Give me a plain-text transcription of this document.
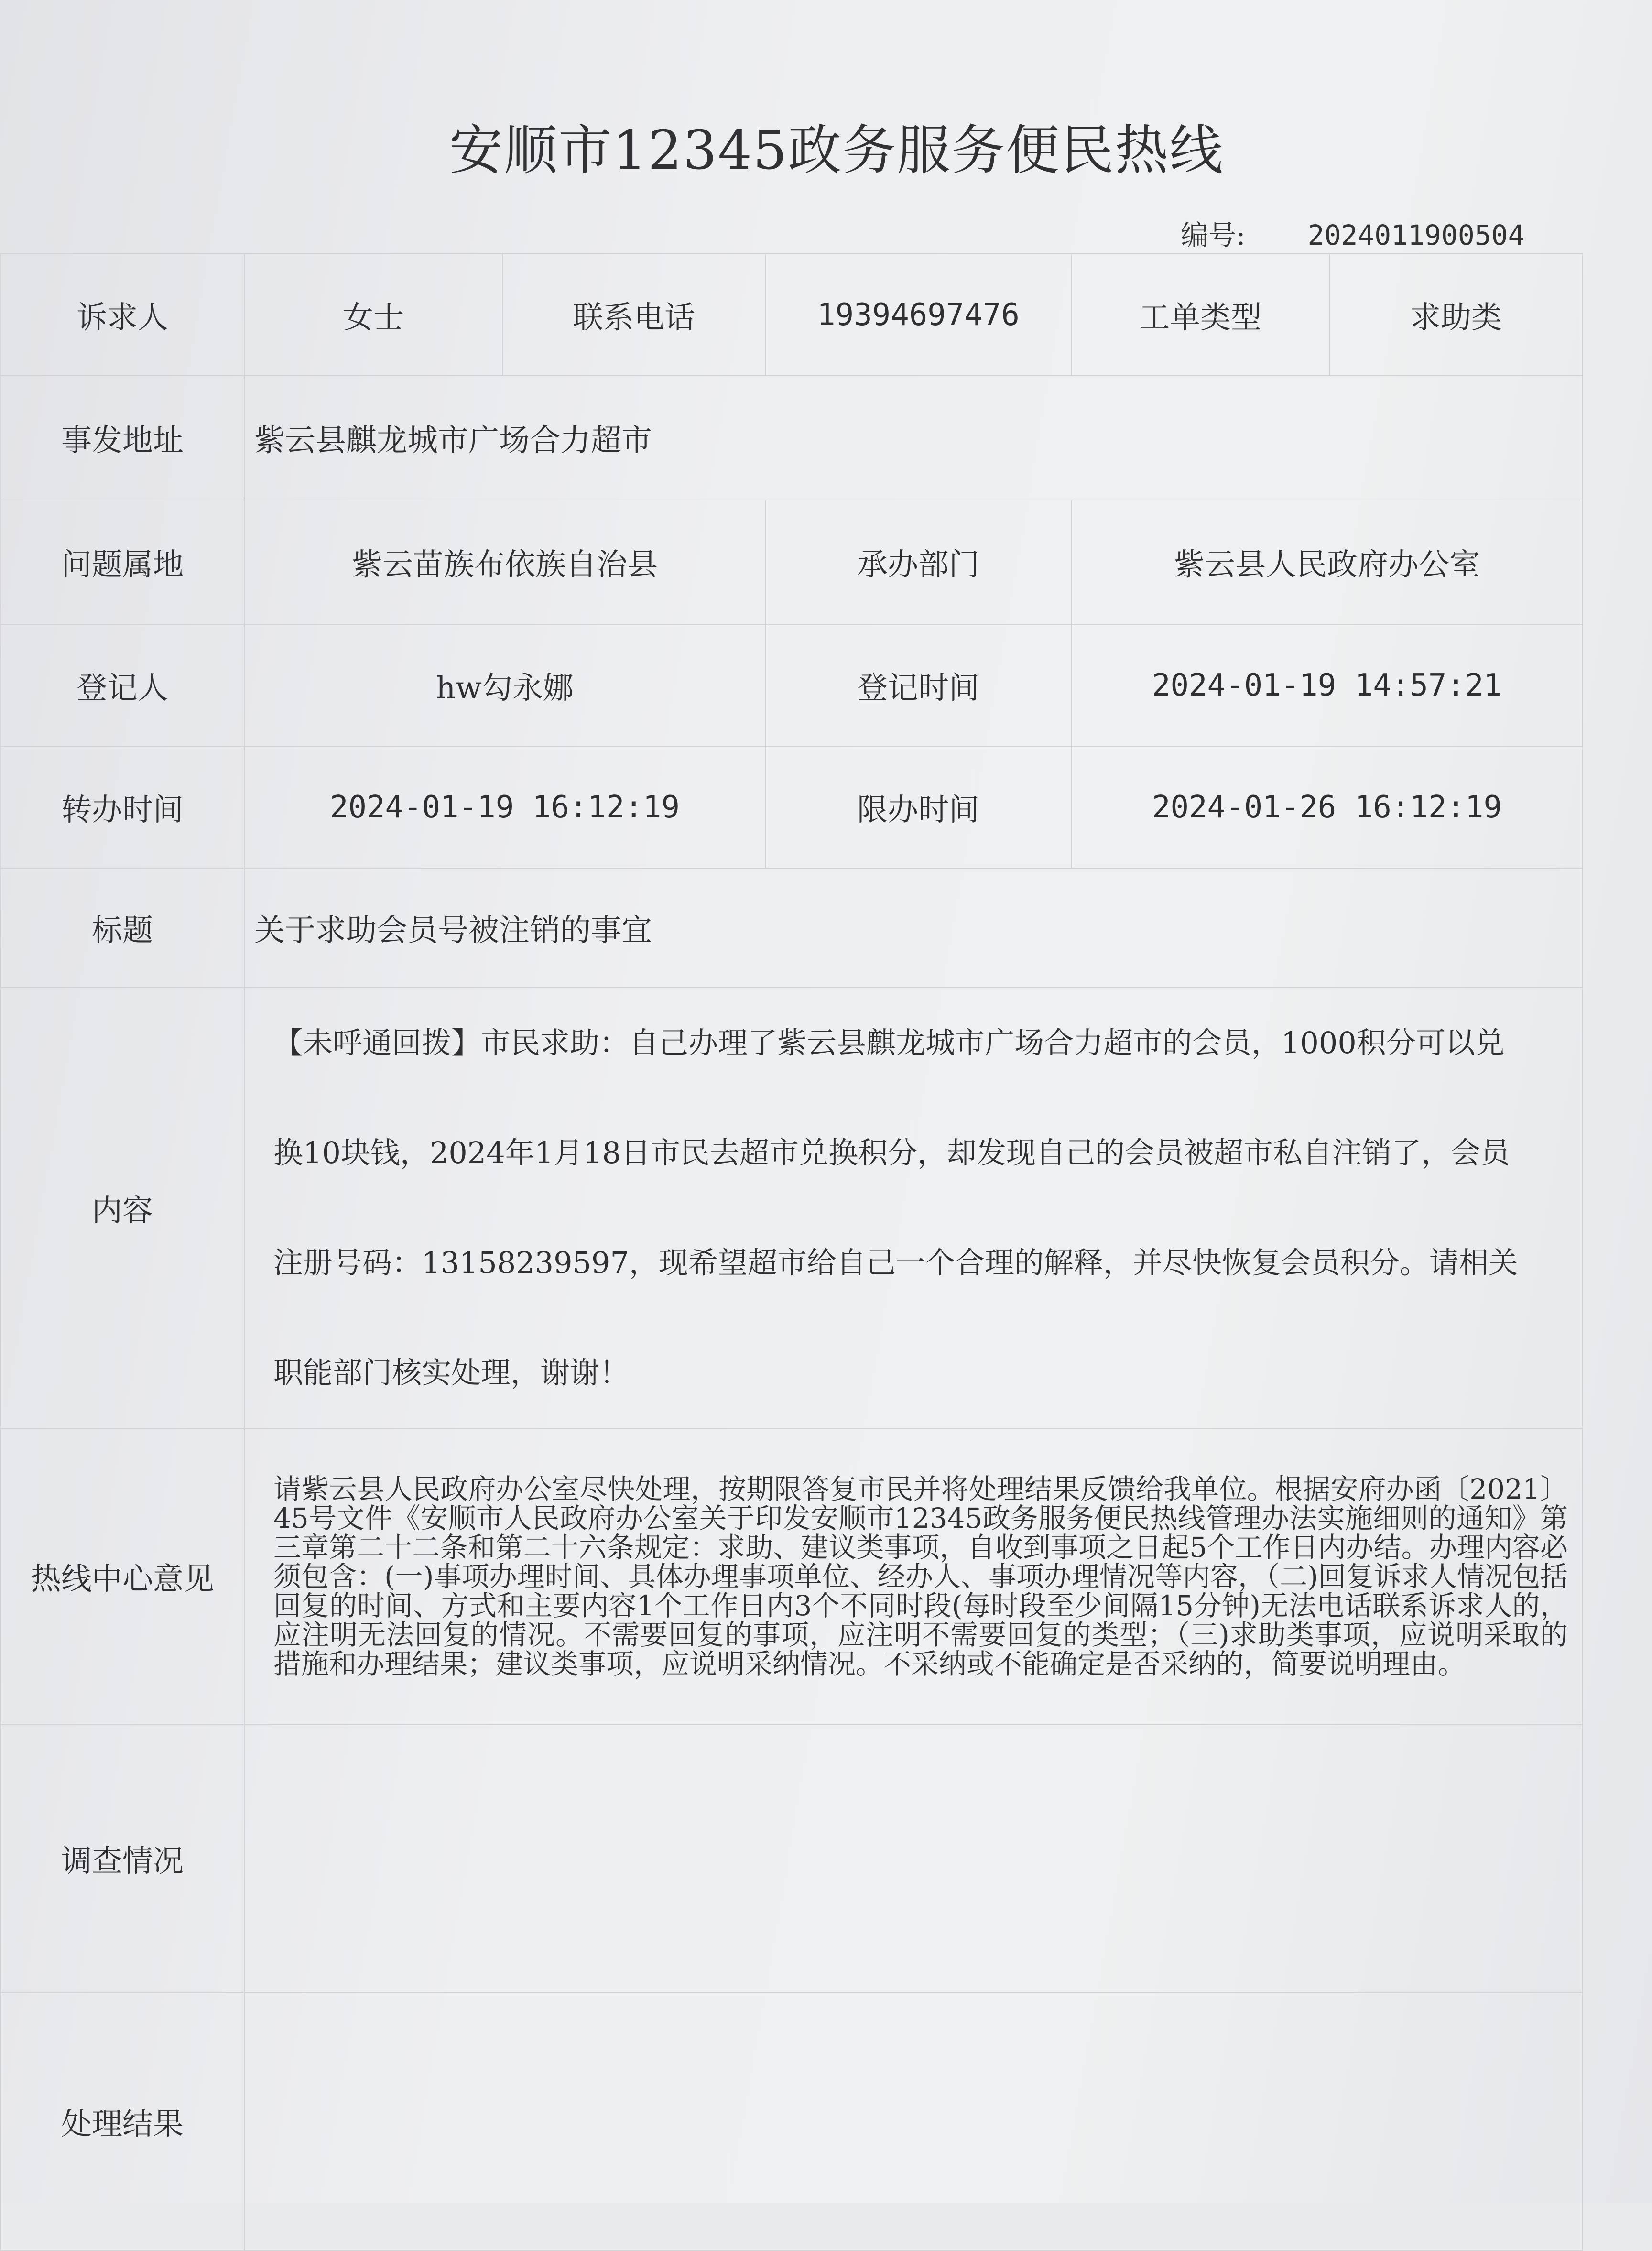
安顺市12345政务服务便民热线
编号: 2024011900504
诉求人	女士	联系电话	19394697476	工单类型	求助类
事发地址	紫云县麒龙城市广场合力超市				
问题属地	紫云苗族布依族自治县		承办部门	紫云县人民政府办公室	
登记人	hw勾永娜		登记时间	2024-01-19 14:57:21	
转办时间	2024-01-19 16:12:19		限办时间	2024-01-26 16:12:19	
标题	关于求助会员号被注销的事宜				
内容	【未呼通回拨】市民求助：自己办理了紫云县麒龙城市广场合力超市的会员，1000积分可以兑
换10块钱，2024年1月18日市民去超市兑换积分，却发现自己的会员被超市私自注销了，会员
注册号码：13158239597，现希望超市给自己一个合理的解释，并尽快恢复会员积分。请相关
职能部门核实处理，谢谢！				

热线中心意见	请紫云县人民政府办公室尽快处理，按期限答复市民并将处理结果反馈给我单位。根据安府办函〔2021〕45号文件《安顺市人民政府办公室关于印发安顺市12345政务服务便民热线管理办法实施细则的通知》第三章第二十二条和第二十六条规定：求助、建议类事项，自收到事项之日起5个工作日内办结。办理内容必须包含：(一)事项办理时间、具体办理事项单位、经办人、事项办理情况等内容，（二)回复诉求人情况包括回复的时间、方式和主要内容1个工作日内3个不同时段(每时段至少间隔15分钟)无法电话联系诉求人的，应注明无法回复的情况。不需要回复的事项，应注明不需要回复的类型；（三)求助类事项，应说明采取的措施和办理结果；建议类事项，应说明采纳情况。不采纳或不能确定是否采纳的，简要说明理由。				

调查情况					
处理结果					
